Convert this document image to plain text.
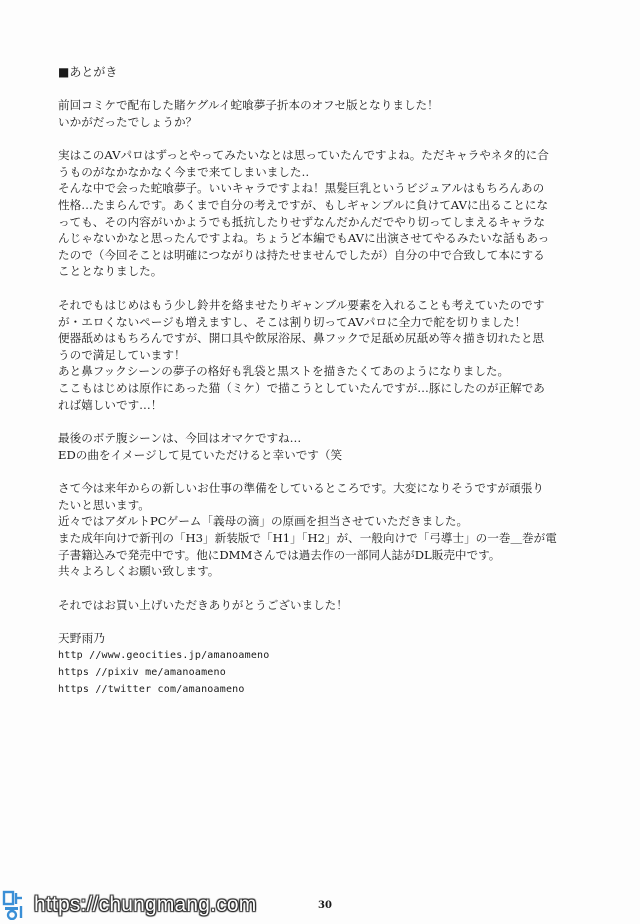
■あとがき
前回コミケで配布した賭ケグルイ蛇喰夢子折本のオフセ版となりました！
いかがだったでしょうか？
実はこのAVパロはずっとやってみたいなとは思っていたんですよね。ただキャラやネタ的に合
うものがなかなかなく今まで来てしまいました‥
そんな中で会った蛇喰夢子。いいキャラですよね！黒髪巨乳というビジュアルはもちろんあの
性格…たまらんです。あくまで自分の考えですが、もしギャンブルに負けてAVに出ることにな
っても、その内容がいかようでも抵抗したりせずなんだかんだでやり切ってしまえるキャラな
んじゃないかなと思ったんですよね。ちょうど本編でもAVに出演させてやるみたいな話もあっ
たので（今回そことは明確につながりは持たせませんでしたが）自分の中で合致して本にする
こととなりました。
それでもはじめはもう少し鈴井を絡ませたりギャンブル要素を入れることも考えていたのです
が・エロくないページも増えますし、そこは割り切ってAVパロに全力で舵を切りました！
便器舐めはもちろんですが、開口具や飲尿浴尿、鼻フックで足舐め尻舐め等々描き切れたと思
うので満足しています！
あと鼻フックシーンの夢子の格好も乳袋と黒ストを描きたくてあのようになりました。
ここもはじめは原作にあった猫（ミケ）で描こうとしていたんですが…豚にしたのが正解であ
れば嬉しいです…！
最後のボテ腹シーンは、今回はオマケですね…
EDの曲をイメージして見ていただけると幸いです（笑
さて今は来年からの新しいお仕事の準備をしているところです。大変になりそうですが頑張り
たいと思います。
近々ではアダルトPCゲーム「義母の滴」の原画を担当させていただきました。
また成年向けで新刊の「H3」新装版で「H1」「H2」が、一般向けで「弓導士」の一巻＿巻が電
子書籍込みで発売中です。他にDMMさんでは過去作の一部同人誌がDL販売中です。
共々よろしくお願い致します。
それではお買い上げいただきありがとうございました！
天野雨乃
http //www.geocities.jp/amanoameno
https //pixiv me/amanoameno
https //twitter com/amanoameno
30
https://chungmang.com
